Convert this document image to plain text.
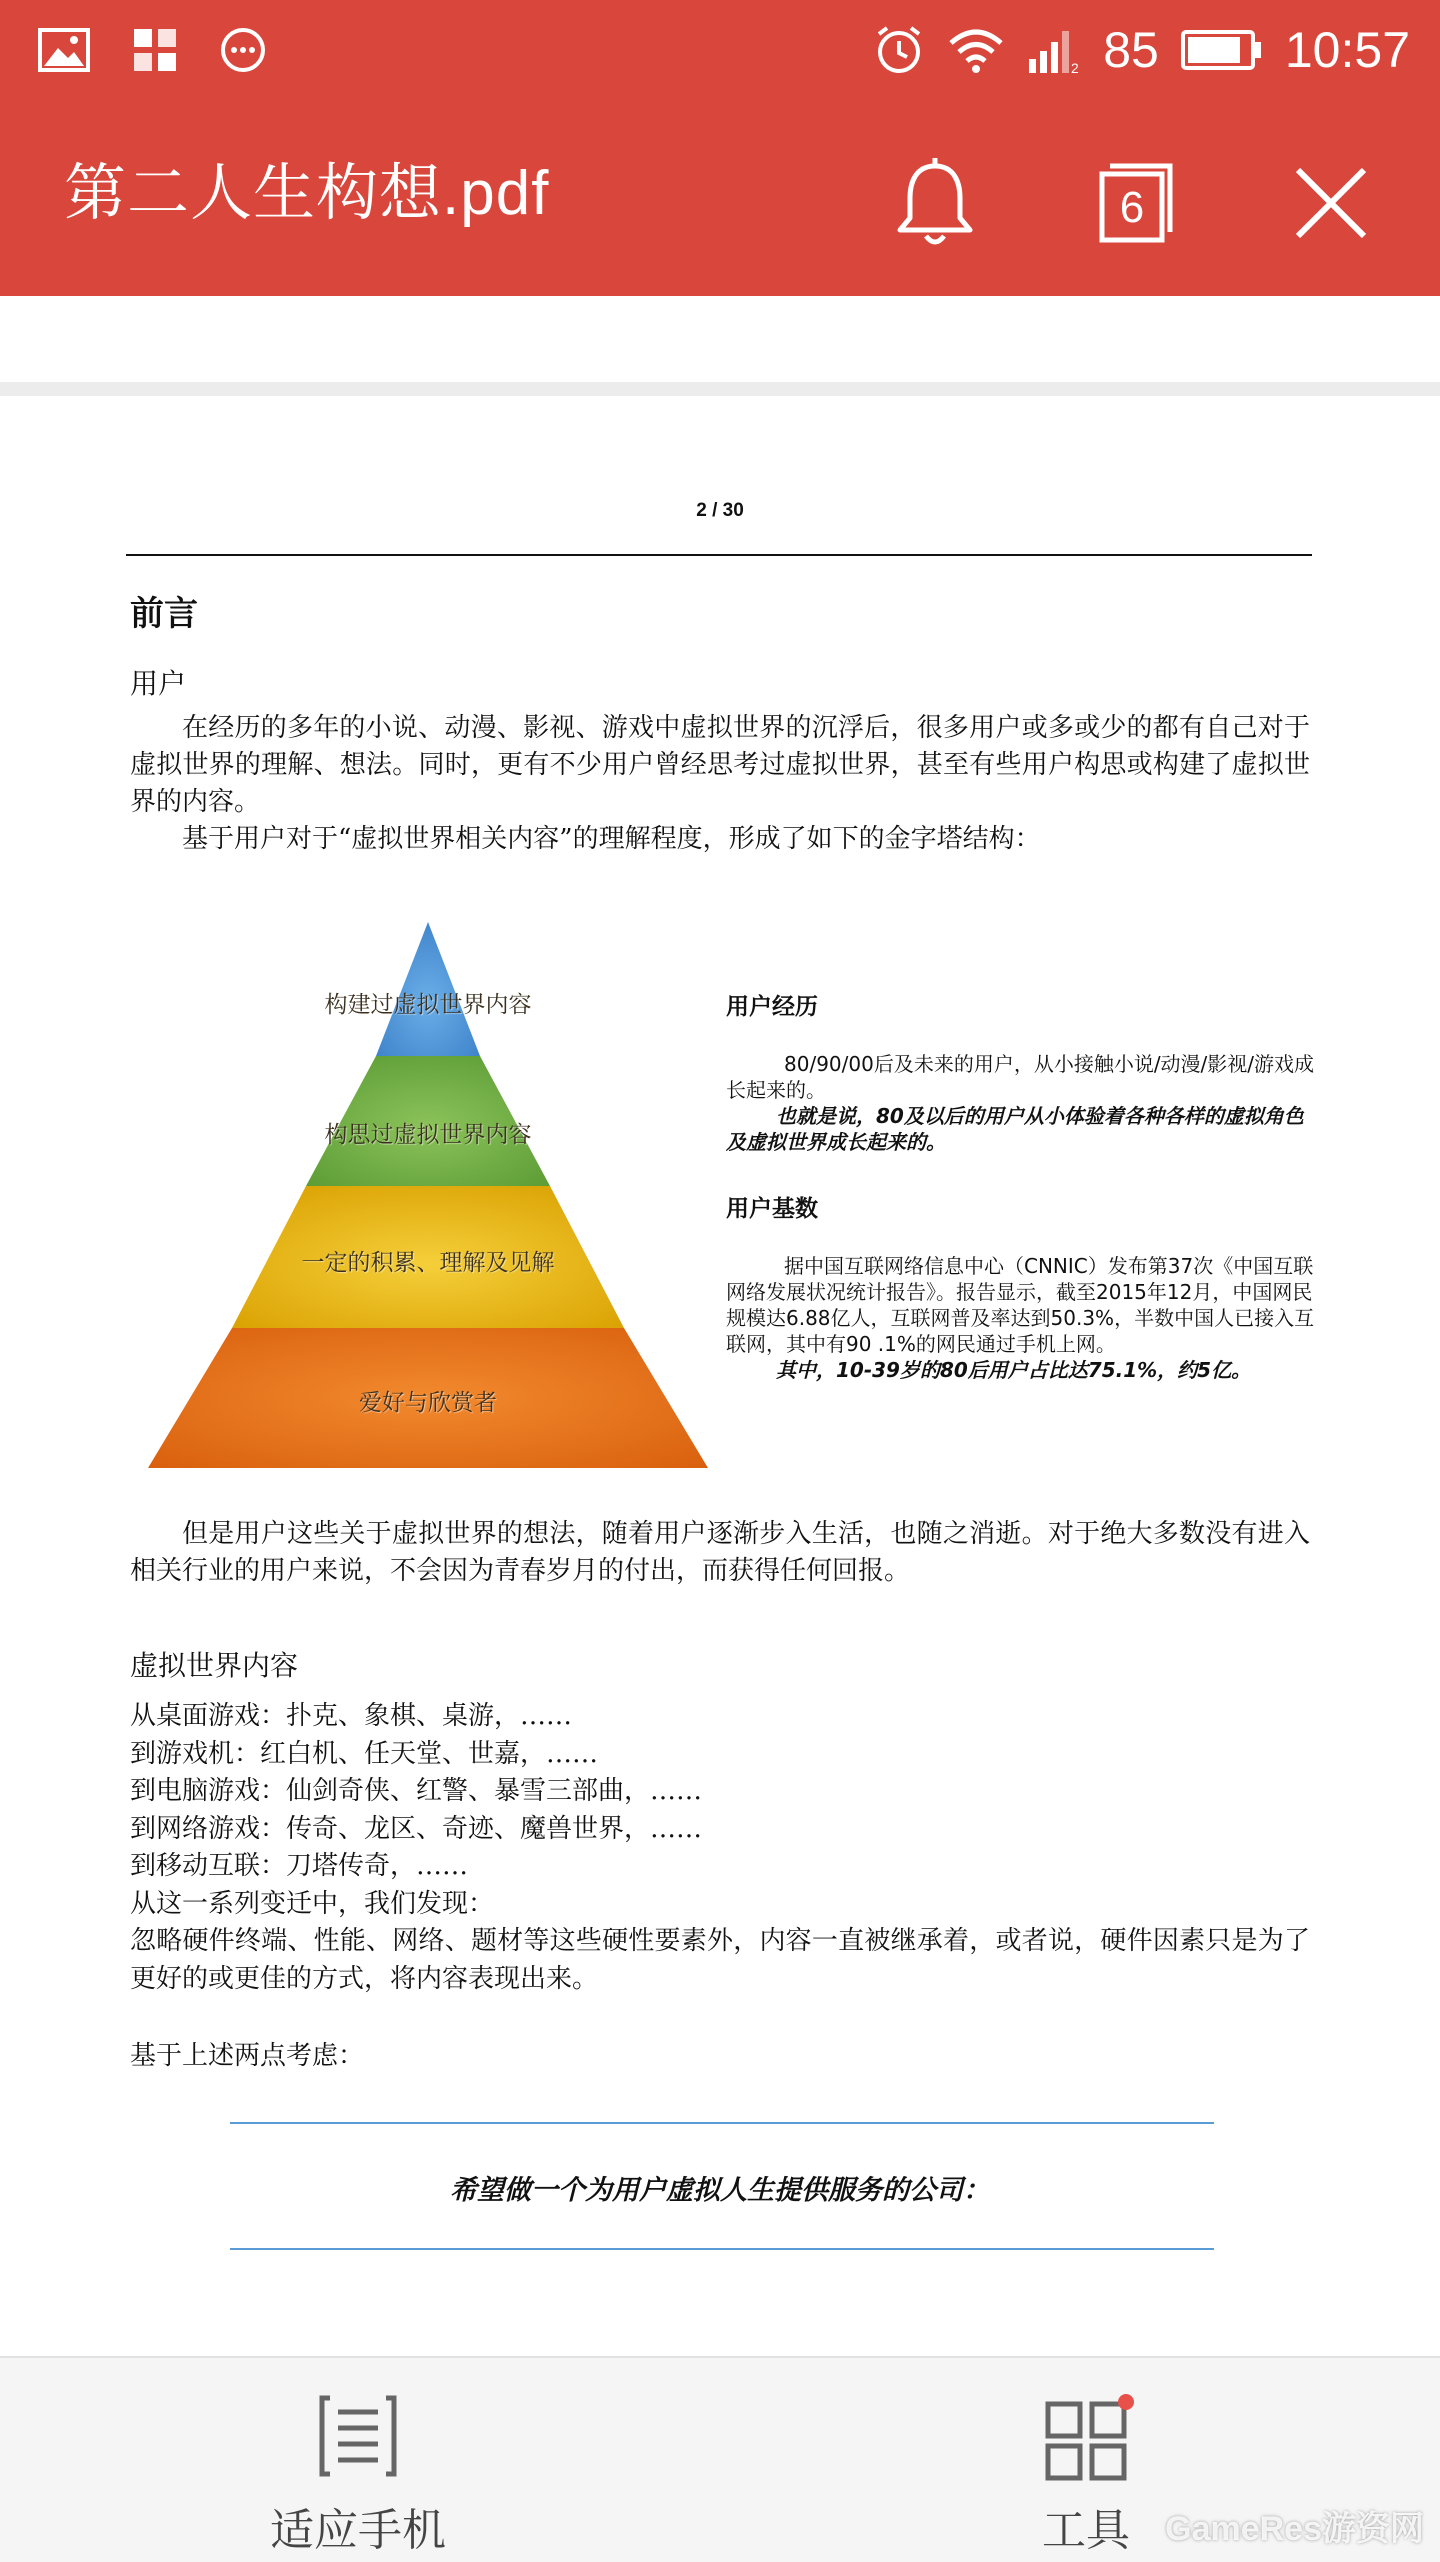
2 85	10:57
第二人生构想.pdf	6
2 / 30
前言
用户

在经历的多年的小说、动漫、影视、游戏中虚拟世界的沉浮后，很多用户或多或少的都有自己对于虚拟世界的理解、想法。同时，更有不少用户曾经思考过虚拟世界，甚至有些用户构思或构建了虚拟世界的内容。

基于用户对于“虚拟世界相关内容”的理解程度，形成了如下的金字塔结构：

构建过虚拟世界内容
构思过虚拟世界内容
一定的积累、理解及见解
爱好与欣赏者
用户经历

80/90/00后及未来的用户，从小接触小说/动漫/影视/游戏成长起来的。

也就是说，80及以后的用户从小体验着各种各样的虚拟角色及虚拟世界成长起来的。

用户基数

据中国互联网络信息中心（CNNIC）发布第37次《中国互联网络发展状况统计报告》。报告显示，截至2015年12月，中国网民规模达6.88亿人，互联网普及率达到50.3%，半数中国人已接入互联网，其中有90 .1%的网民通过手机上网。

其中，10-39岁的80后用户占比达75.1%，约5亿。

但是用户这些关于虚拟世界的想法，随着用户逐渐步入生活，也随之消逝。对于绝大多数没有进入相关行业的用户来说，不会因为青春岁月的付出，而获得任何回报。

虚拟世界内容
从桌面游戏：扑克、象棋、桌游，……
到游戏机：红白机、任天堂、世嘉，……
到电脑游戏：仙剑奇侠、红警、暴雪三部曲，……
到网络游戏：传奇、龙区、奇迹、魔兽世界，……
到移动互联：刀塔传奇，……
从这一系列变迁中，我们发现：
忽略硬件终端、性能、网络、题材等这些硬性要素外，内容一直被继承着，或者说，硬件因素只是为了更好的或更佳的方式，将内容表现出来。
基于上述两点考虑：
希望做一个为用户虚拟人生提供服务的公司：
适应手机	工具	GameRes游资网
